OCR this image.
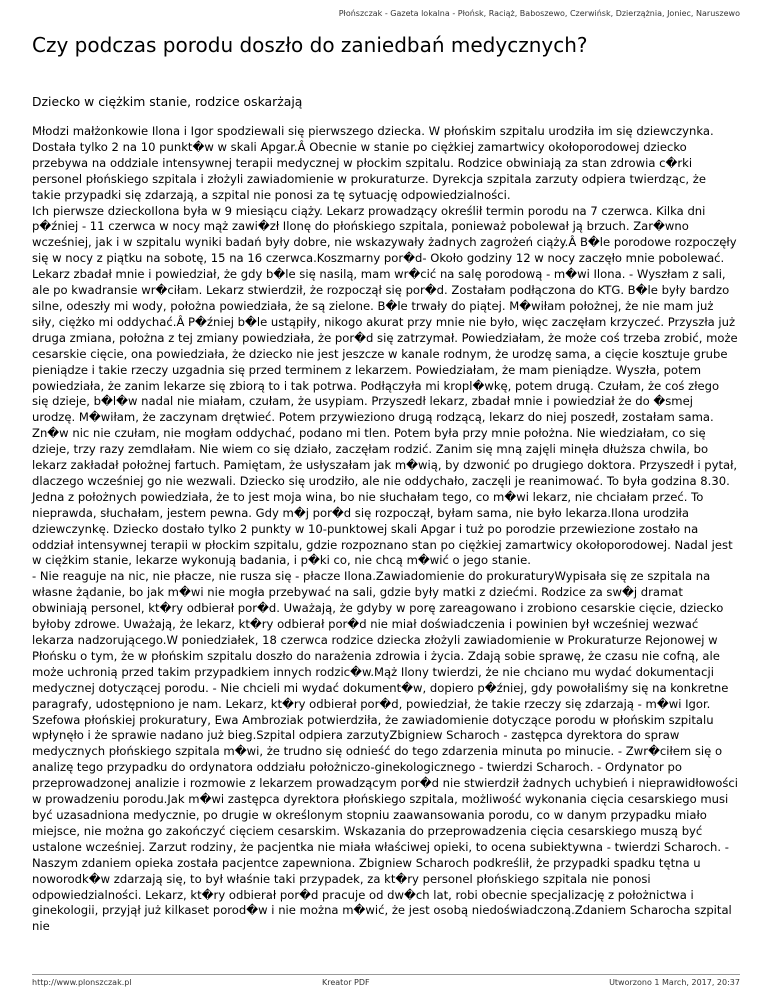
Płońszczak - Gazeta lokalna - Płońsk, Raciąż, Baboszewo, Czerwińsk, Dzierzążnia, Joniec, Naruszewo
Czy podczas porodu doszło do zaniedbań medycznych?
Dziecko w ciężkim stanie, rodzice oskarżają

Młodzi małżonkowie Ilona i Igor spodziewali się pierwszego dziecka. W płońskim szpitalu urodziła im się dziewczynka. Dostała tylko 2 na 10 punkt�w w skali Apgar.Â Obecnie w stanie po ciężkiej zamartwicy okołoporodowej dziecko przebywa na oddziale intensywnej terapii medycznej w płockim szpitalu. Rodzice obwiniają za stan zdrowia c�rki personel płońskiego szpitala i złożyli zawiadomienie w prokuraturze. Dyrekcja szpitala zarzuty odpiera twierdząc, że takie przypadki się zdarzają, a szpital nie ponosi za tę sytuację odpowiedzialności.

Ich pierwsze dzieckoIlona była w 9 miesiącu ciąży. Lekarz prowadzący określił termin porodu na 7 czerwca. Kilka dni p�źniej - 11 czerwca w nocy mąż zawi�zł Ilonę do płońskiego szpitala, ponieważ pobolewał ją brzuch. Zar�wno wcześniej, jak i w szpitalu wyniki badań były dobre, nie wskazywały żadnych zagrożeń ciąży.Â B�le porodowe rozpoczęły się w nocy z piątku na sobotę, 15 na 16 czerwca.Koszmarny por�d- Około godziny 12 w nocy zaczęło mnie pobolewać. Lekarz zbadał mnie i powiedział, że gdy b�le się nasilą, mam wr�cić na salę porodową - m�wi Ilona. - Wyszłam z sali, ale po kwadransie wr�ciłam. Lekarz stwierdził, że rozpoczął się por�d. Zostałam podłączona do KTG. B�le były bardzo silne, odeszły mi wody, położna powiedziała, że są zielone. B�le trwały do piątej. M�wiłam położnej, że nie mam już siły, ciężko mi oddychać.Â P�źniej b�le ustąpiły, nikogo akurat przy mnie nie było, więc zaczęłam krzyczeć. Przyszła już druga zmiana, położna z tej zmiany powiedziała, że por�d się zatrzymał. Powiedziałam, że może coś trzeba zrobić, może cesarskie cięcie, ona powiedziała, że dziecko nie jest jeszcze w kanale rodnym, że urodzę sama, a cięcie kosztuje grube pieniądze i takie rzeczy uzgadnia się przed terminem z lekarzem. Powiedziałam, że mam pieniądze. Wyszła, potem powiedziała, że zanim lekarze się zbiorą to i tak potrwa. Podłączyła mi kropl�wkę, potem drugą. Czułam, że coś złego się dzieje, b�l�w nadal nie miałam, czułam, że usypiam. Przyszedł lekarz, zbadał mnie i powiedział że do �smej urodzę. M�wiłam, że zaczynam drętwieć. Potem przywieziono drugą rodzącą, lekarz do niej poszedł, zostałam sama. Zn�w nic nie czułam, nie mogłam oddychać, podano mi tlen. Potem była przy mnie położna. Nie wiedziałam, co się dzieje, trzy razy zemdlałam. Nie wiem co się działo, zaczęłam rodzić. Zanim się mną zajęli minęła dłuższa chwila, bo lekarz zakładał położnej fartuch. Pamiętam, że usłyszałam jak m�wią, by dzwonić po drugiego doktora. Przyszedł i pytał, dlaczego wcześniej go nie wezwali. Dziecko się urodziło, ale nie oddychało, zaczęli je reanimować. To była godzina 8.30. Jedna z położnych powiedziała, że to jest moja wina, bo nie słuchałam tego, co m�wi lekarz, nie chciałam przeć. To nieprawda, słuchałam, jestem pewna. Gdy m�j por�d się rozpoczął, byłam sama, nie było lekarza.Ilona urodziła dziewczynkę. Dziecko dostało tylko 2 punkty w 10-punktowej skali Apgar i tuż po porodzie przewiezione zostało na oddział intensywnej terapii w płockim szpitalu, gdzie rozpoznano stan po ciężkiej zamartwicy okołoporodowej. Nadal jest w ciężkim stanie, lekarze wykonują badania, i p�ki co, nie chcą m�wić o jego stanie.

- Nie reaguje na nic, nie płacze, nie rusza się - płacze Ilona.Zawiadomienie do prokuraturyWypisała się ze szpitala na własne żądanie, bo jak m�wi nie mogła przebywać na sali, gdzie były matki z dziećmi. Rodzice za sw�j dramat obwiniają personel, kt�ry odbierał por�d. Uważają, że gdyby w porę zareagowano i zrobiono cesarskie cięcie, dziecko byłoby zdrowe. Uważają, że lekarz, kt�ry odbierał por�d nie miał doświadczenia i powinien był wcześniej wezwać lekarza nadzorującego.W poniedziałek, 18 czerwca rodzice dziecka złożyli zawiadomienie w Prokuraturze Rejonowej w Płońsku o tym, że w płońskim szpitalu doszło do narażenia zdrowia i życia. Zdają sobie sprawę, że czasu nie cofną, ale może uchronią przed takim przypadkiem innych rodzic�w.Mąż Ilony twierdzi, że nie chciano mu wydać dokumentacji medycznej dotyczącej porodu. - Nie chcieli mi wydać dokument�w, dopiero p�źniej, gdy powołaliśmy się na konkretne paragrafy, udostępniono je nam. Lekarz, kt�ry odbierał por�d, powiedział, że takie rzeczy się zdarzają - m�wi Igor. Szefowa płońskiej prokuratury, Ewa Ambroziak potwierdziła, że zawiadomienie dotyczące porodu w płońskim szpitalu wpłynęło i że sprawie nadano już bieg.Szpital odpiera zarzutyZbigniew Scharoch - zastępca dyrektora do spraw medycznych płońskiego szpitala m�wi, że trudno się odnieść do tego zdarzenia minuta po minucie. - Zwr�ciłem się o analizę tego przypadku do ordynatora oddziału położniczo-ginekologicznego - twierdzi Scharoch. - Ordynator po przeprowadzonej analizie i rozmowie z lekarzem prowadzącym por�d nie stwierdził żadnych uchybień i nieprawidłowości w prowadzeniu porodu.Jak m�wi zastępca dyrektora płońskiego szpitala, możliwość wykonania cięcia cesarskiego musi być uzasadniona medycznie, po drugie w określonym stopniu zaawansowania porodu, co w danym przypadku miało miejsce, nie można go zakończyć cięciem cesarskim. Wskazania do przeprowadzenia cięcia cesarskiego muszą być ustalone wcześniej. Zarzut rodziny, że pacjentka nie miała właściwej opieki, to ocena subiektywna - twierdzi Scharoch. - Naszym zdaniem opieka została pacjentce zapewniona. Zbigniew Scharoch podkreślił, że przypadki spadku tętna u noworodk�w zdarzają się, to był właśnie taki przypadek, za kt�ry personel płońskiego szpitala nie ponosi odpowiedzialności. Lekarz, kt�ry odbierał por�d pracuje od dw�ch lat, robi obecnie specjalizację z położnictwa i ginekologii, przyjął już kilkaset porod�w i nie można m�wić, że jest osobą niedoświadczoną.Zdaniem Scharocha szpital nie

http://www.plonszczak.pl	Kreator PDF	Utworzono 1 March, 2017, 20:37
